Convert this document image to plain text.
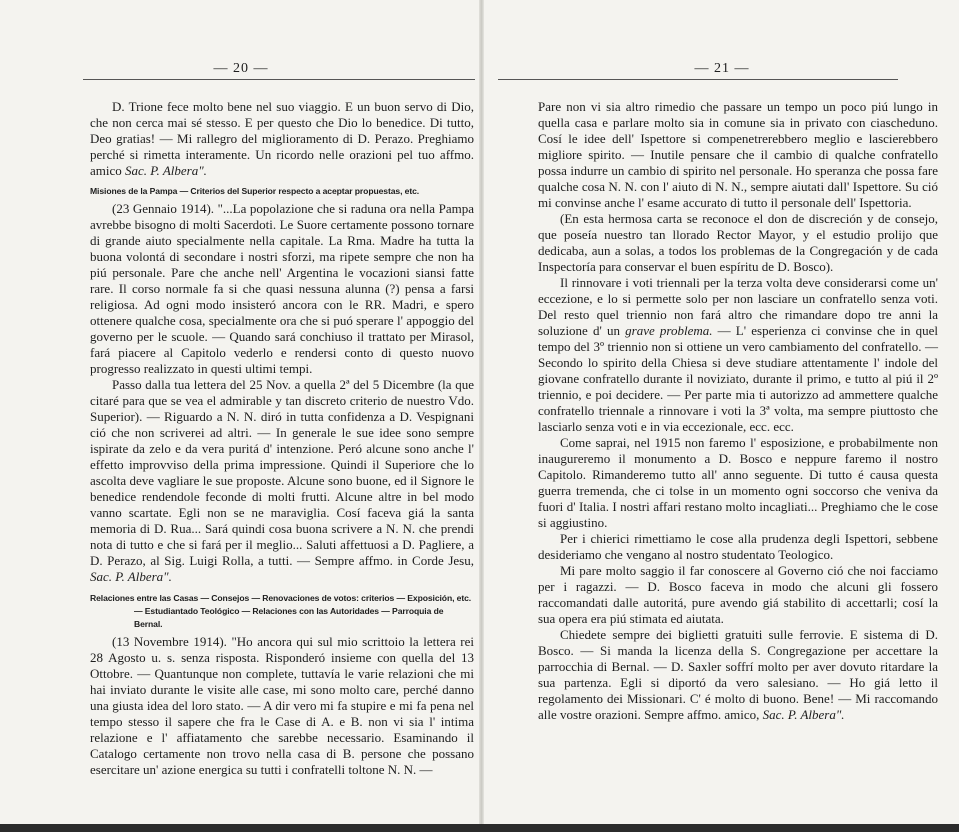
— 20 —

D. Trione fece molto bene nel suo viaggio. E un buon servo di Dio, che non cerca mai sé stesso. E per questo che Dio lo benedice. Di tutto, Deo gratias! — Mi rallegro del miglioramento di D. Perazo. Preghiamo perché si rimetta interamente. Un ricordo nelle orazioni pel tuo affmo. amico Sac. P. Albera".

Misiones de la Pampa — Criterios del Superior respecto a aceptar propuestas, etc.

(23 Gennaio 1914). "...La popolazione che si raduna ora nella Pampa avrebbe bisogno di molti Sacerdoti. Le Suore certamente possono tornare di grande aiuto specialmente nella capitale. La Rma. Madre ha tutta la buona volontá di secondare i nostri sforzi, ma ripete sempre che non ha piú personale. Pare che anche nell' Argentina le vocazioni siansi fatte rare. Il corso normale fa si che quasi nessuna alunna (?) pensa a farsi religiosa. Ad ogni modo insisteró ancora con le RR. Madri, e spero ottenere qualche cosa, specialmente ora che si puó sperare l' appoggio del governo per le scuole. — Quando sará conchiuso il trattato per Mirasol, fará piacere al Capitolo vederlo e rendersi conto di questo nuovo progresso realizzato in questi ultimi tempi.

Passo dalla tua lettera del 25 Nov. a quella 2ª del 5 Dicembre (la que citaré para que se vea el admirable y tan discreto criterio de nuestro Vdo. Superior). — Riguardo a N. N. diró in tutta confidenza a D. Vespignani ció che non scriverei ad altri. — In generale le sue idee sono sempre ispirate da zelo e da vera puritá d' intenzione. Peró alcune sono anche l' effetto improvviso della prima impressione. Quindi il Superiore che lo ascolta deve vagliare le sue proposte. Alcune sono buone, ed il Signore le benedice rendendole feconde di molti frutti. Alcune altre in bel modo vanno scartate. Egli non se ne maraviglia. Cosí faceva giá la santa memoria di D. Rua... Sará quindi cosa buona scrivere a N. N. che prendi nota di tutto e che si fará per il meglio... Saluti affettuosi a D. Pagliere, a D. Perazo, al Sig. Luigi Rolla, a tutti. — Sempre affmo. in Corde Jesu, Sac. P. Albera".

Relaciones entre las Casas — Consejos — Renovaciones de votos: criterios — Exposición, etc. — Estudiantado Teológico — Relaciones con las Autoridades — Parroquia de Bernal.

(13 Novembre 1914). "Ho ancora qui sul mio scrittoio la lettera rei 28 Agosto u. s. senza risposta. Risponderó insieme con quella del 13 Ottobre. — Quantunque non complete, tuttavía le varie relazioni che mi hai inviato durante le visite alle case, mi sono molto care, perché danno una giusta idea del loro stato. — A dir vero mi fa stupire e mi fa pena nel tempo stesso il sapere che fra le Case di A. e B. non vi sia l' intima relazione e l' affiatamento che sarebbe necessario. Esaminando il Catalogo certamente non trovo nella casa di B. persone che possano esercitare un' azione energica su tutti i confratelli toltone N. N. —

— 21 —

Pare non vi sia altro rimedio che passare un tempo un poco piú lungo in quella casa e parlare molto sia in comune sia in privato con ciascheduno. Cosí le idee dell' Ispettore si compenetrerebbero meglio e lascierebbero migliore spirito. — Inutile pensare che il cambio di qualche confratello possa indurre un cambio di spirito nel personale. Ho speranza che possa fare qualche cosa N. N. con l' aiuto di N. N., sempre aiutati dall' Ispettore. Su ció mi convinse anche l' esame accurato di tutto il personale dell' Ispettoria.

(En esta hermosa carta se reconoce el don de discreción y de consejo, que poseía nuestro tan llorado Rector Mayor, y el estudio prolijo que dedicaba, aun a solas, a todos los problemas de la Congregación y de cada Inspectoría para conservar el buen espíritu de D. Bosco).

Il rinnovare i voti triennali per la terza volta deve considerarsi come un' eccezione, e lo si permette solo per non lasciare un confratello senza voti. Del resto quel triennio non fará altro che rimandare dopo tre anni la soluzione d' un grave problema. — L' esperienza ci convinse che in quel tempo del 3º triennio non si ottiene un vero cambiamento del confratello. — Secondo lo spirito della Chiesa si deve studiare attentamente l' indole del giovane confratello durante il noviziato, durante il primo, e tutto al piú il 2º triennio, e poi decidere. — Per parte mia ti autorizzo ad ammettere qualche confratello triennale a rinnovare i voti la 3ª volta, ma sempre piuttosto che lasciarlo senza voti e in via eccezionale, ecc. ecc.

Come saprai, nel 1915 non faremo l' esposizione, e probabilmente non inaugureremo il monumento a D. Bosco e neppure faremo il nostro Capitolo. Rimanderemo tutto all' anno seguente. Di tutto é causa questa guerra tremenda, che ci tolse in un momento ogni soccorso che veniva da fuori d' Italia. I nostri affari restano molto incagliati... Preghiamo che le cose si aggiustino.

Per i chierici rimettiamo le cose alla prudenza degli Ispettori, sebbene desideriamo che vengano al nostro studentato Teologico.

Mi pare molto saggio il far conoscere al Governo ció che noi facciamo per i ragazzi. — D. Bosco faceva in modo che alcuni gli fossero raccomandati dalle autoritá, pure avendo giá stabilito di accettarli; cosí la sua opera era piú stimata ed aiutata.

Chiedete sempre dei biglietti gratuiti sulle ferrovie. E sistema di D. Bosco. — Si manda la licenza della S. Congregazione per accettare la parrocchia di Bernal. — D. Saxler soffrí molto per aver dovuto ritardare la sua partenza. Egli si diportó da vero salesiano. — Ho giá letto il regolamento dei Missionari. C' é molto di buono. Bene! — Mi raccomando alle vostre orazioni. Sempre affmo. amico, Sac. P. Albera".
